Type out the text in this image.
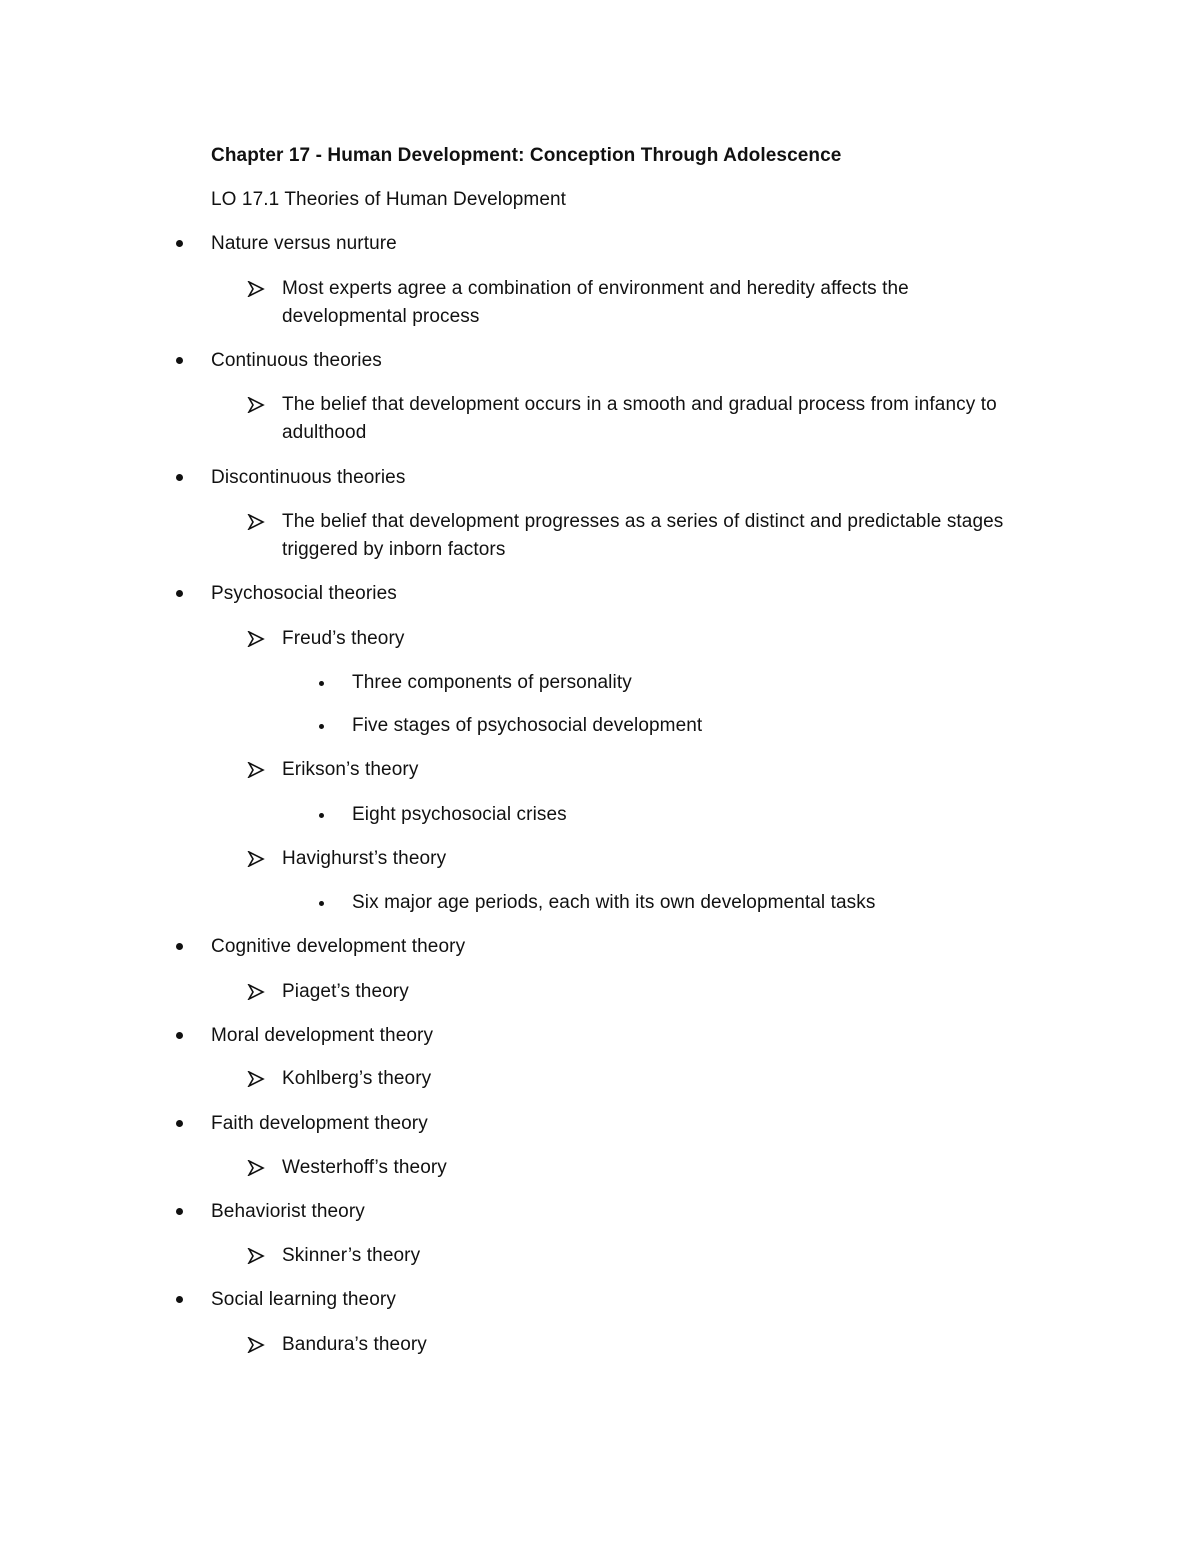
Chapter 17 - Human Development: Conception Through Adolescence
LO 17.1 Theories of Human Development
Nature versus nurture
Most experts agree a combination of environment and heredity affects the
developmental process
Continuous theories
The belief that development occurs in a smooth and gradual process from infancy to
adulthood
Discontinuous theories
The belief that development progresses as a series of distinct and predictable stages
triggered by inborn factors
Psychosocial theories
Freud’s theory
Three components of personality
Five stages of psychosocial development
Erikson’s theory
Eight psychosocial crises
Havighurst’s theory
Six major age periods, each with its own developmental tasks
Cognitive development theory
Piaget’s theory
Moral development theory
Kohlberg’s theory
Faith development theory
Westerhoff’s theory
Behaviorist theory
Skinner’s theory
Social learning theory
Bandura’s theory
